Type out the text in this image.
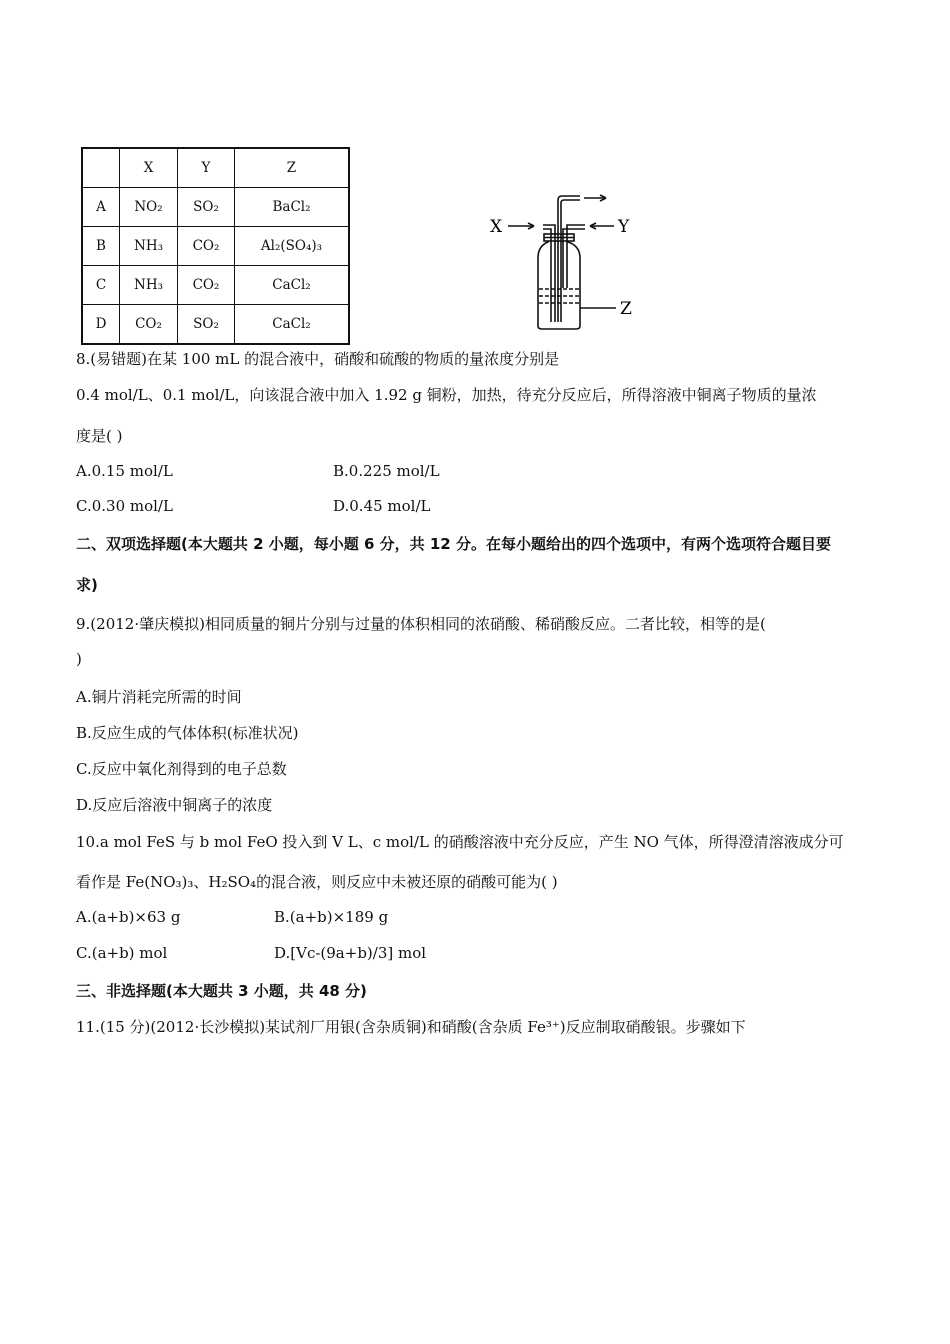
	X	Y	Z
A	NO₂	SO₂	BaCl₂
B	NH₃	CO₂	Al₂(SO₄)₃
C	NH₃	CO₂	CaCl₂
D	CO₂	SO₂	CaCl₂
X	Y
Z
8.(易错题)在某 100 mL 的混合液中，硝酸和硫酸的物质的量浓度分别是
0.4 mol/L、0.1 mol/L，向该混合液中加入 1.92 g 铜粉，加热，待充分反应后，所得溶液中铜离子物质的量浓
度是( )
A.0.15 mol/L	B.0.225 mol/L
C.0.30 mol/L	D.0.45 mol/L
二、双项选择题(本大题共 2 小题，每小题 6 分，共 12 分。在每小题给出的四个选项中，有两个选项符合题目要
求)
9.(2012·肇庆模拟)相同质量的铜片分别与过量的体积相同的浓硝酸、稀硝酸反应。二者比较，相等的是(
)
A.铜片消耗完所需的时间
B.反应生成的气体体积(标准状况)
C.反应中氧化剂得到的电子总数
D.反应后溶液中铜离子的浓度
10.a mol FeS 与 b mol FeO 投入到 V L、c mol/L 的硝酸溶液中充分反应，产生 NO 气体，所得澄清溶液成分可
看作是 Fe(NO₃)₃、H₂SO₄的混合液，则反应中未被还原的硝酸可能为( )
A.(a+b)×63 g	B.(a+b)×189 g
C.(a+b) mol	D.[Vc-(9a+b)/3] mol
三、非选择题(本大题共 3 小题，共 48 分)
11.(15 分)(2012·长沙模拟)某试剂厂用银(含杂质铜)和硝酸(含杂质 Fe³⁺)反应制取硝酸银。步骤如下
